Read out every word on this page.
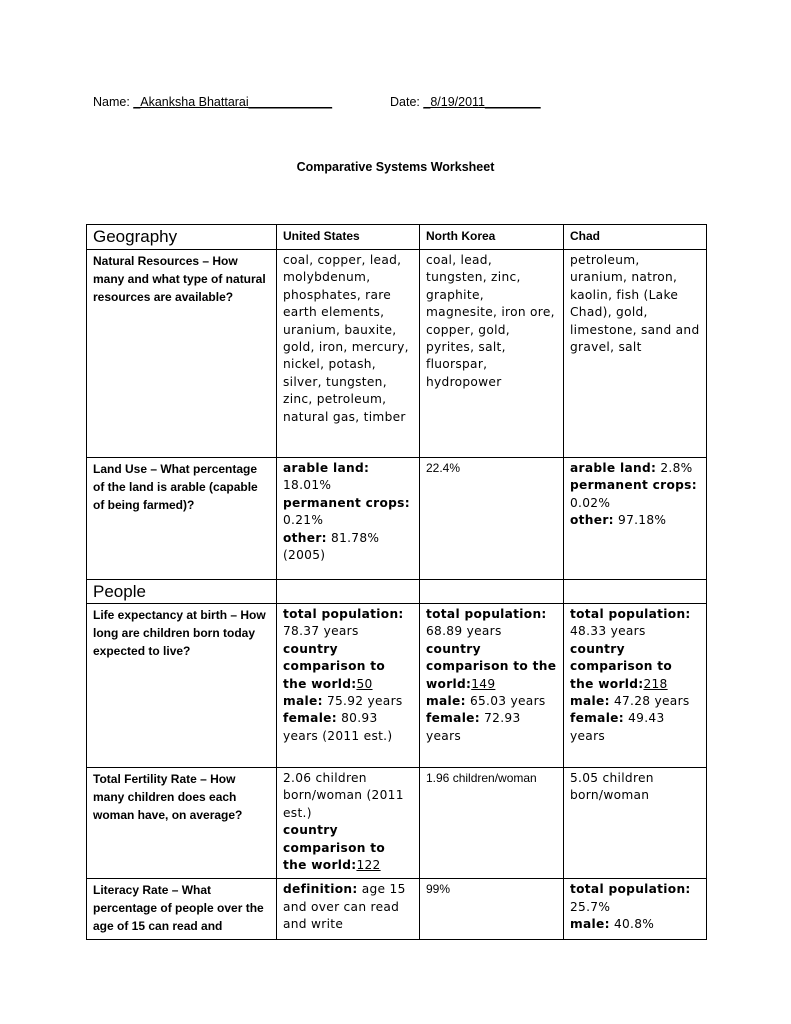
Name: _Akanksha Bhattarai____________	Date: _8/19/2011________
Comparative Systems Worksheet
Geography	United States	North Korea	Chad

Natural Resources – How many and what type of natural resources are available?	coal, copper, lead, molybdenum, phosphates, rare earth elements, uranium, bauxite, gold, iron, mercury, nickel, potash, silver, tungsten, zinc, petroleum, natural gas, timber	coal, lead, tungsten, zinc, graphite, magnesite, iron ore, copper, gold, pyrites, salt, fluorspar, hydropower	petroleum, uranium, natron, kaolin, fish (Lake Chad), gold, limestone, sand and gravel, salt

Land Use – What percentage of the land is arable (capable of being farmed)?	arable land:
18.01%
permanent crops:
0.21%
other: 81.78% (2005)	22.4%	arable land: 2.8%
permanent crops:
0.02%
other: 97.18%

People			

Life expectancy at birth – How long are children born today expected to live?	total population:
78.37 years
country comparison to the world:50
male: 75.92 years
female: 80.93 years (2011 est.)	total population:
68.89 years
country comparison to the world:149
male: 65.03 years
female: 72.93 years	total population:
48.33 years
country comparison to the world:218
male: 47.28 years
female: 49.43 years

Total Fertility Rate – How many children does each woman have, on average?	2.06 children born/woman (2011 est.)
country comparison to the world:122	1.96 children/woman	5.05 children born/woman

Literacy Rate – What percentage of people over the age of 15 can read and	definition: age 15 and over can read and write	99%	total population:
25.7%
male: 40.8%
